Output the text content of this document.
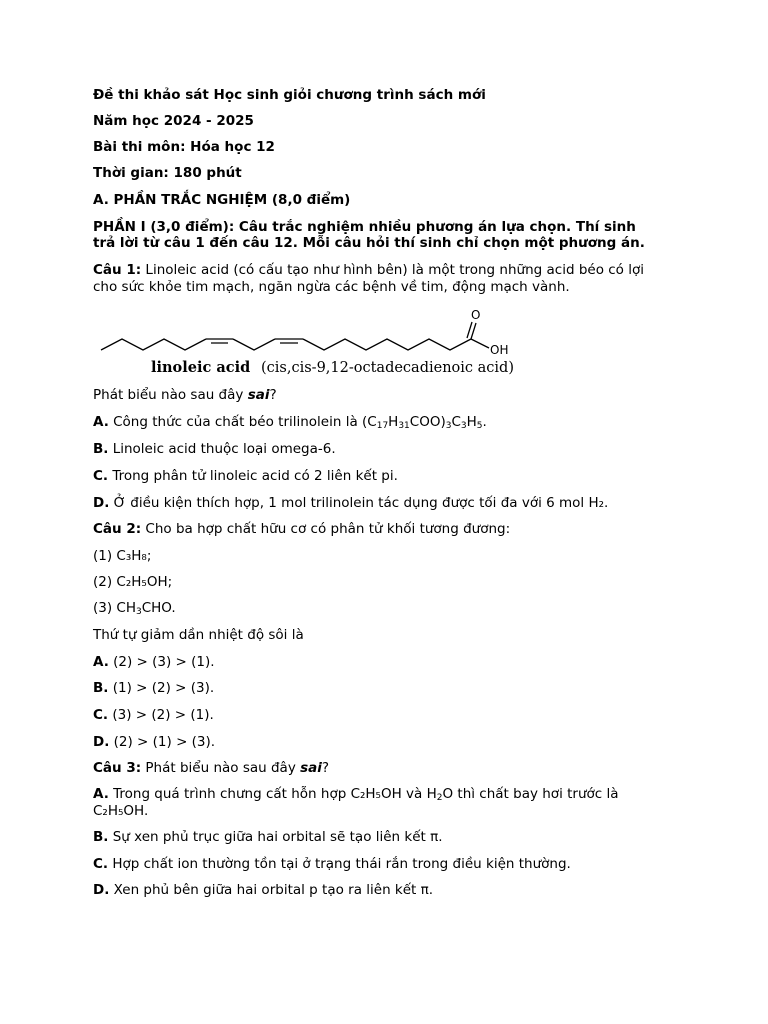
Đề thi khảo sát Học sinh giỏi chương trình sách mới
Năm học 2024 - 2025
Bài thi môn: Hóa học 12
Thời gian: 180 phút
A. PHẦN TRẮC NGHIỆM (8,0 điểm)
PHẦN I (3,0 điểm): Câu trắc nghiệm nhiều phương án lựa chọn. Thí sinh
trả lời từ câu 1 đến câu 12. Mỗi câu hỏi thí sinh chỉ chọn một phương án.
Câu 1: Linoleic acid (có cấu tạo như hình bên) là một trong những acid béo có lợi
cho sức khỏe tim mạch, ngăn ngừa các bệnh về tim, động mạch vành.
O
OH
linoleic acid (cis,cis-9,12-octadecadienoic acid)
Phát biểu nào sau đây sai?
A. Công thức của chất béo trilinolein là $(C_{17}H_{31}COO)_3C_3H_5$.
B. Linoleic acid thuộc loại omega-6.
C. Trong phân tử linoleic acid có 2 liên kết pi.
D. Ở điều kiện thích hợp, 1 mol trilinolein tác dụng được tối đa với 6 mol H₂.
Câu 2: Cho ba hợp chất hữu cơ có phân tử khối tương đương:
(1) C₃H₈;
(2) C₂H₅OH;
(3) $CH_3CHO$.
Thứ tự giảm dần nhiệt độ sôi là
A. (2) > (3) > (1).
B. (1) > (2) > (3).
C. (3) > (2) > (1).
D. (2) > (1) > (3).
Câu 3: Phát biểu nào sau đây sai?
A. Trong quá trình chưng cất hỗn hợp C₂H₅OH và $H_2O$ thì chất bay hơi trước là
C₂H₅OH.
B. Sự xen phủ trục giữa hai orbital sẽ tạo liên kết π.
C. Hợp chất ion thường tồn tại ở trạng thái rắn trong điều kiện thường.
D. Xen phủ bên giữa hai orbital p tạo ra liên kết π.
